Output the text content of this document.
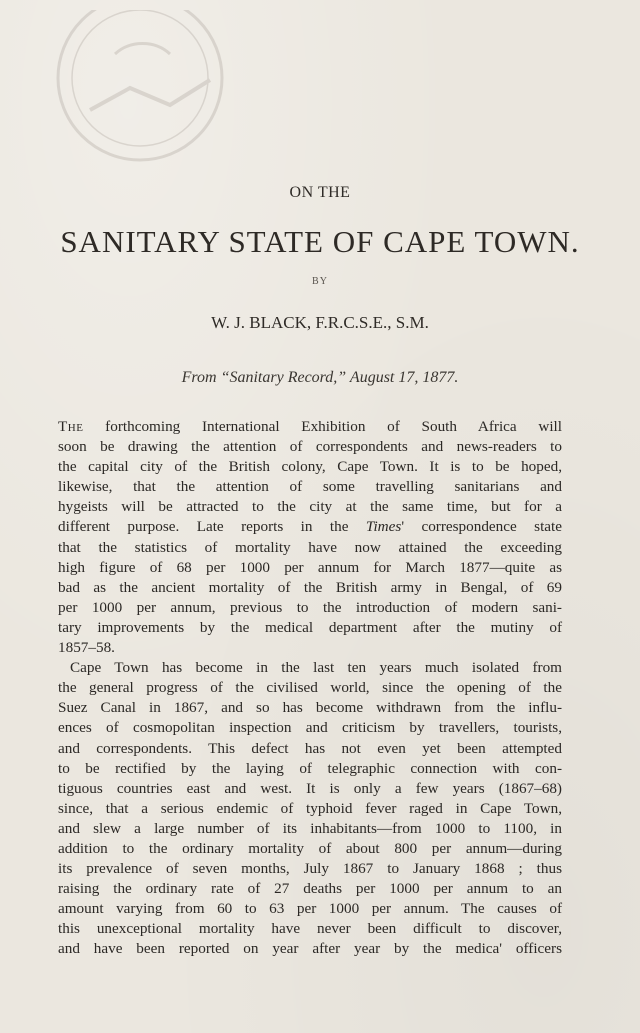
ON THE
SANITARY STATE OF CAPE TOWN.
BY
W. J. BLACK, F.R.C.S.E., S.M.
From “Sanitary Record,” August 17, 1877.
The forthcoming International Exhibition of South Africa will
soon be drawing the attention of correspondents and news-readers to
the capital city of the British colony, Cape Town. It is to be hoped,
likewise, that the attention of some travelling sanitarians and
hygeists will be attracted to the city at the same time, but for a
different purpose. Late reports in the Times' correspondence state
that the statistics of mortality have now attained the exceeding
high figure of 68 per 1000 per annum for March 1877—quite as
bad as the ancient mortality of the British army in Bengal, of 69
per 1000 per annum, previous to the introduction of modern sani-
tary improvements by the medical department after the mutiny of
1857–58.
Cape Town has become in the last ten years much isolated from
the general progress of the civilised world, since the opening of the
Suez Canal in 1867, and so has become withdrawn from the influ-
ences of cosmopolitan inspection and criticism by travellers, tourists,
and correspondents. This defect has not even yet been attempted
to be rectified by the laying of telegraphic connection with con-
tiguous countries east and west. It is only a few years (1867–68)
since, that a serious endemic of typhoid fever raged in Cape Town,
and slew a large number of its inhabitants—from 1000 to 1100, in
addition to the ordinary mortality of about 800 per annum—during
its prevalence of seven months, July 1867 to January 1868 ; thus
raising the ordinary rate of 27 deaths per 1000 per annum to an
amount varying from 60 to 63 per 1000 per annum. The causes of
this unexceptional mortality have never been difficult to discover,
and have been reported on year after year by the medica' officers
